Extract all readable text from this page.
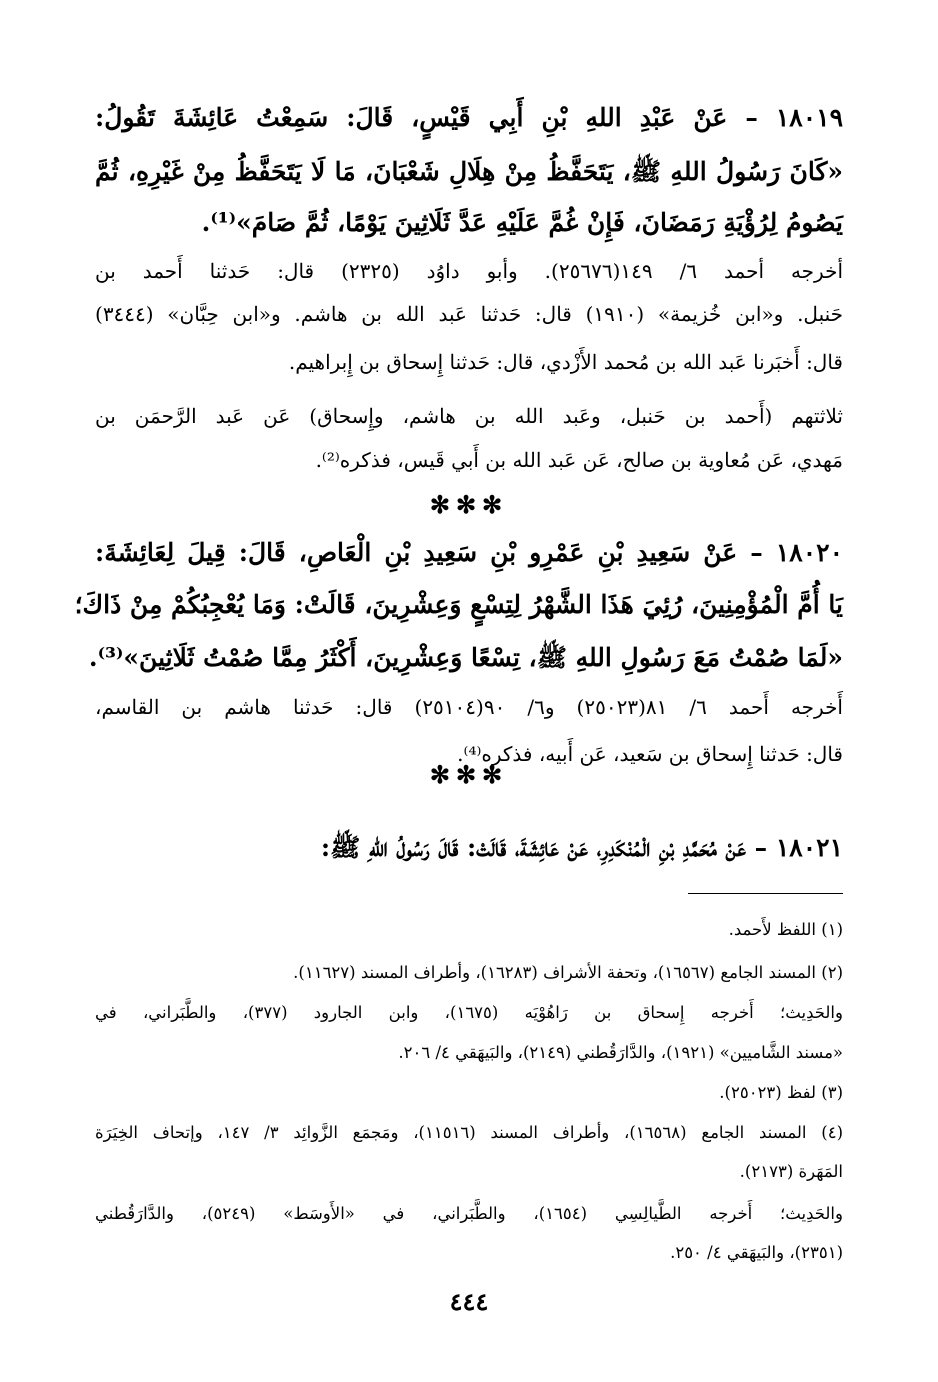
١٨٠١٩ – عَنْ عَبْدِ اللهِ بْنِ أَبِي قَيْسٍ، قَالَ: سَمِعْتُ عَائِشَةَ تَقُولُ:
«كَانَ رَسُولُ اللهِ ﷺ، يَتَحَفَّظُ مِنْ هِلَالِ شَعْبَانَ، مَا لَا يَتَحَفَّظُ مِنْ غَيْرِهِ، ثُمَّ
يَصُومُ لِرُؤْيَةِ رَمَضَانَ، فَإِنْ غُمَّ عَلَيْهِ عَدَّ ثَلَاثِينَ يَوْمًا، ثُمَّ صَامَ»⁽¹⁾.
أخرجه أحمد ٦/ ١٤٩(٢٥٦٧٦). وأبو داوُد (٢٣٢٥) قال: حَدثنا أَحمد بن
حَنبل. و«ابن خُزيمة» (١٩١٠) قال: حَدثنا عَبد الله بن هاشم. و«ابن حِبَّان» (٣٤٤٤)
قال: أَخبَرنا عَبد الله بن مُحمد الأَزْدي، قال: حَدثنا إِسحاق بن إِبراهيم.
ثلاثتهم (أَحمد بن حَنبل، وعَبد الله بن هاشم، وإِسحاق) عَن عَبد الرَّحمَن بن
مَهدي، عَن مُعاوية بن صالح، عَن عَبد الله بن أَبي قَيس، فذكره⁽²⁾.
✻✻✻
١٨٠٢٠ – عَنْ سَعِيدِ بْنِ عَمْرِو بْنِ سَعِيدِ بْنِ الْعَاصِ، قَالَ: قِيلَ لِعَائِشَةَ:
يَا أُمَّ الْمُؤْمِنِينَ، رُئِيَ هَذَا الشَّهْرُ لِتِسْعٍ وَعِشْرِينَ، قَالَتْ: وَمَا يُعْجِبُكُمْ مِنْ ذَاكَ؛
«لَمَا صُمْتُ مَعَ رَسُولِ اللهِ ﷺ، تِسْعًا وَعِشْرِينَ، أَكْثَرُ مِمَّا صُمْتُ ثَلَاثِينَ»⁽³⁾.
أَخرجه أَحمد ٦/ ٨١(٢٥٠٢٣) و٦/ ٩٠(٢٥١٠٤) قال: حَدثنا هاشم بن القاسم،
قال: حَدثنا إِسحاق بن سَعيد، عَن أَبيه، فذكره⁽⁴⁾.
✻✻✻
١٨٠٢١ – عَنْ مُحَمَّدِ بْنِ الْمُنْكَدِرِ، عَنْ عَائِشَةَ، قَالَتْ: قَالَ رَسُولُ اللهِ ﷺ:
(١) اللفظ لأَحمد.
(٢) المسند الجامع (١٦٥٦٧)، وتحفة الأشراف (١٦٢٨٣)، وأطراف المسند (١١٦٢٧).
والحَدِيث؛ أَخرجه إِسحاق بن رَاهُوْيَه (١٦٧٥)، وابن الجارود (٣٧٧)، والطَّبَراني، في
«مسند الشَّاميين» (١٩٢١)، والدَّارَقُطني (٢١٤٩)، والبَيهَقي ٤/ ٢٠٦.
(٣) لفظ (٢٥٠٢٣).
(٤) المسند الجامع (١٦٥٦٨)، وأطراف المسند (١١٥١٦)، ومَجمَع الزَّوائِد ٣/ ١٤٧، وإتحاف الخِيَرَة
المَهَرة (٢١٧٣).
والحَدِيث؛ أَخرجه الطَّيالِسِي (١٦٥٤)، والطَّبَراني، في «الأَوسَط» (٥٢٤٩)، والدَّارَقُطني
(٢٣٥١)، والبَيهَقي ٤/ ٢٥٠.
٤٤٤
